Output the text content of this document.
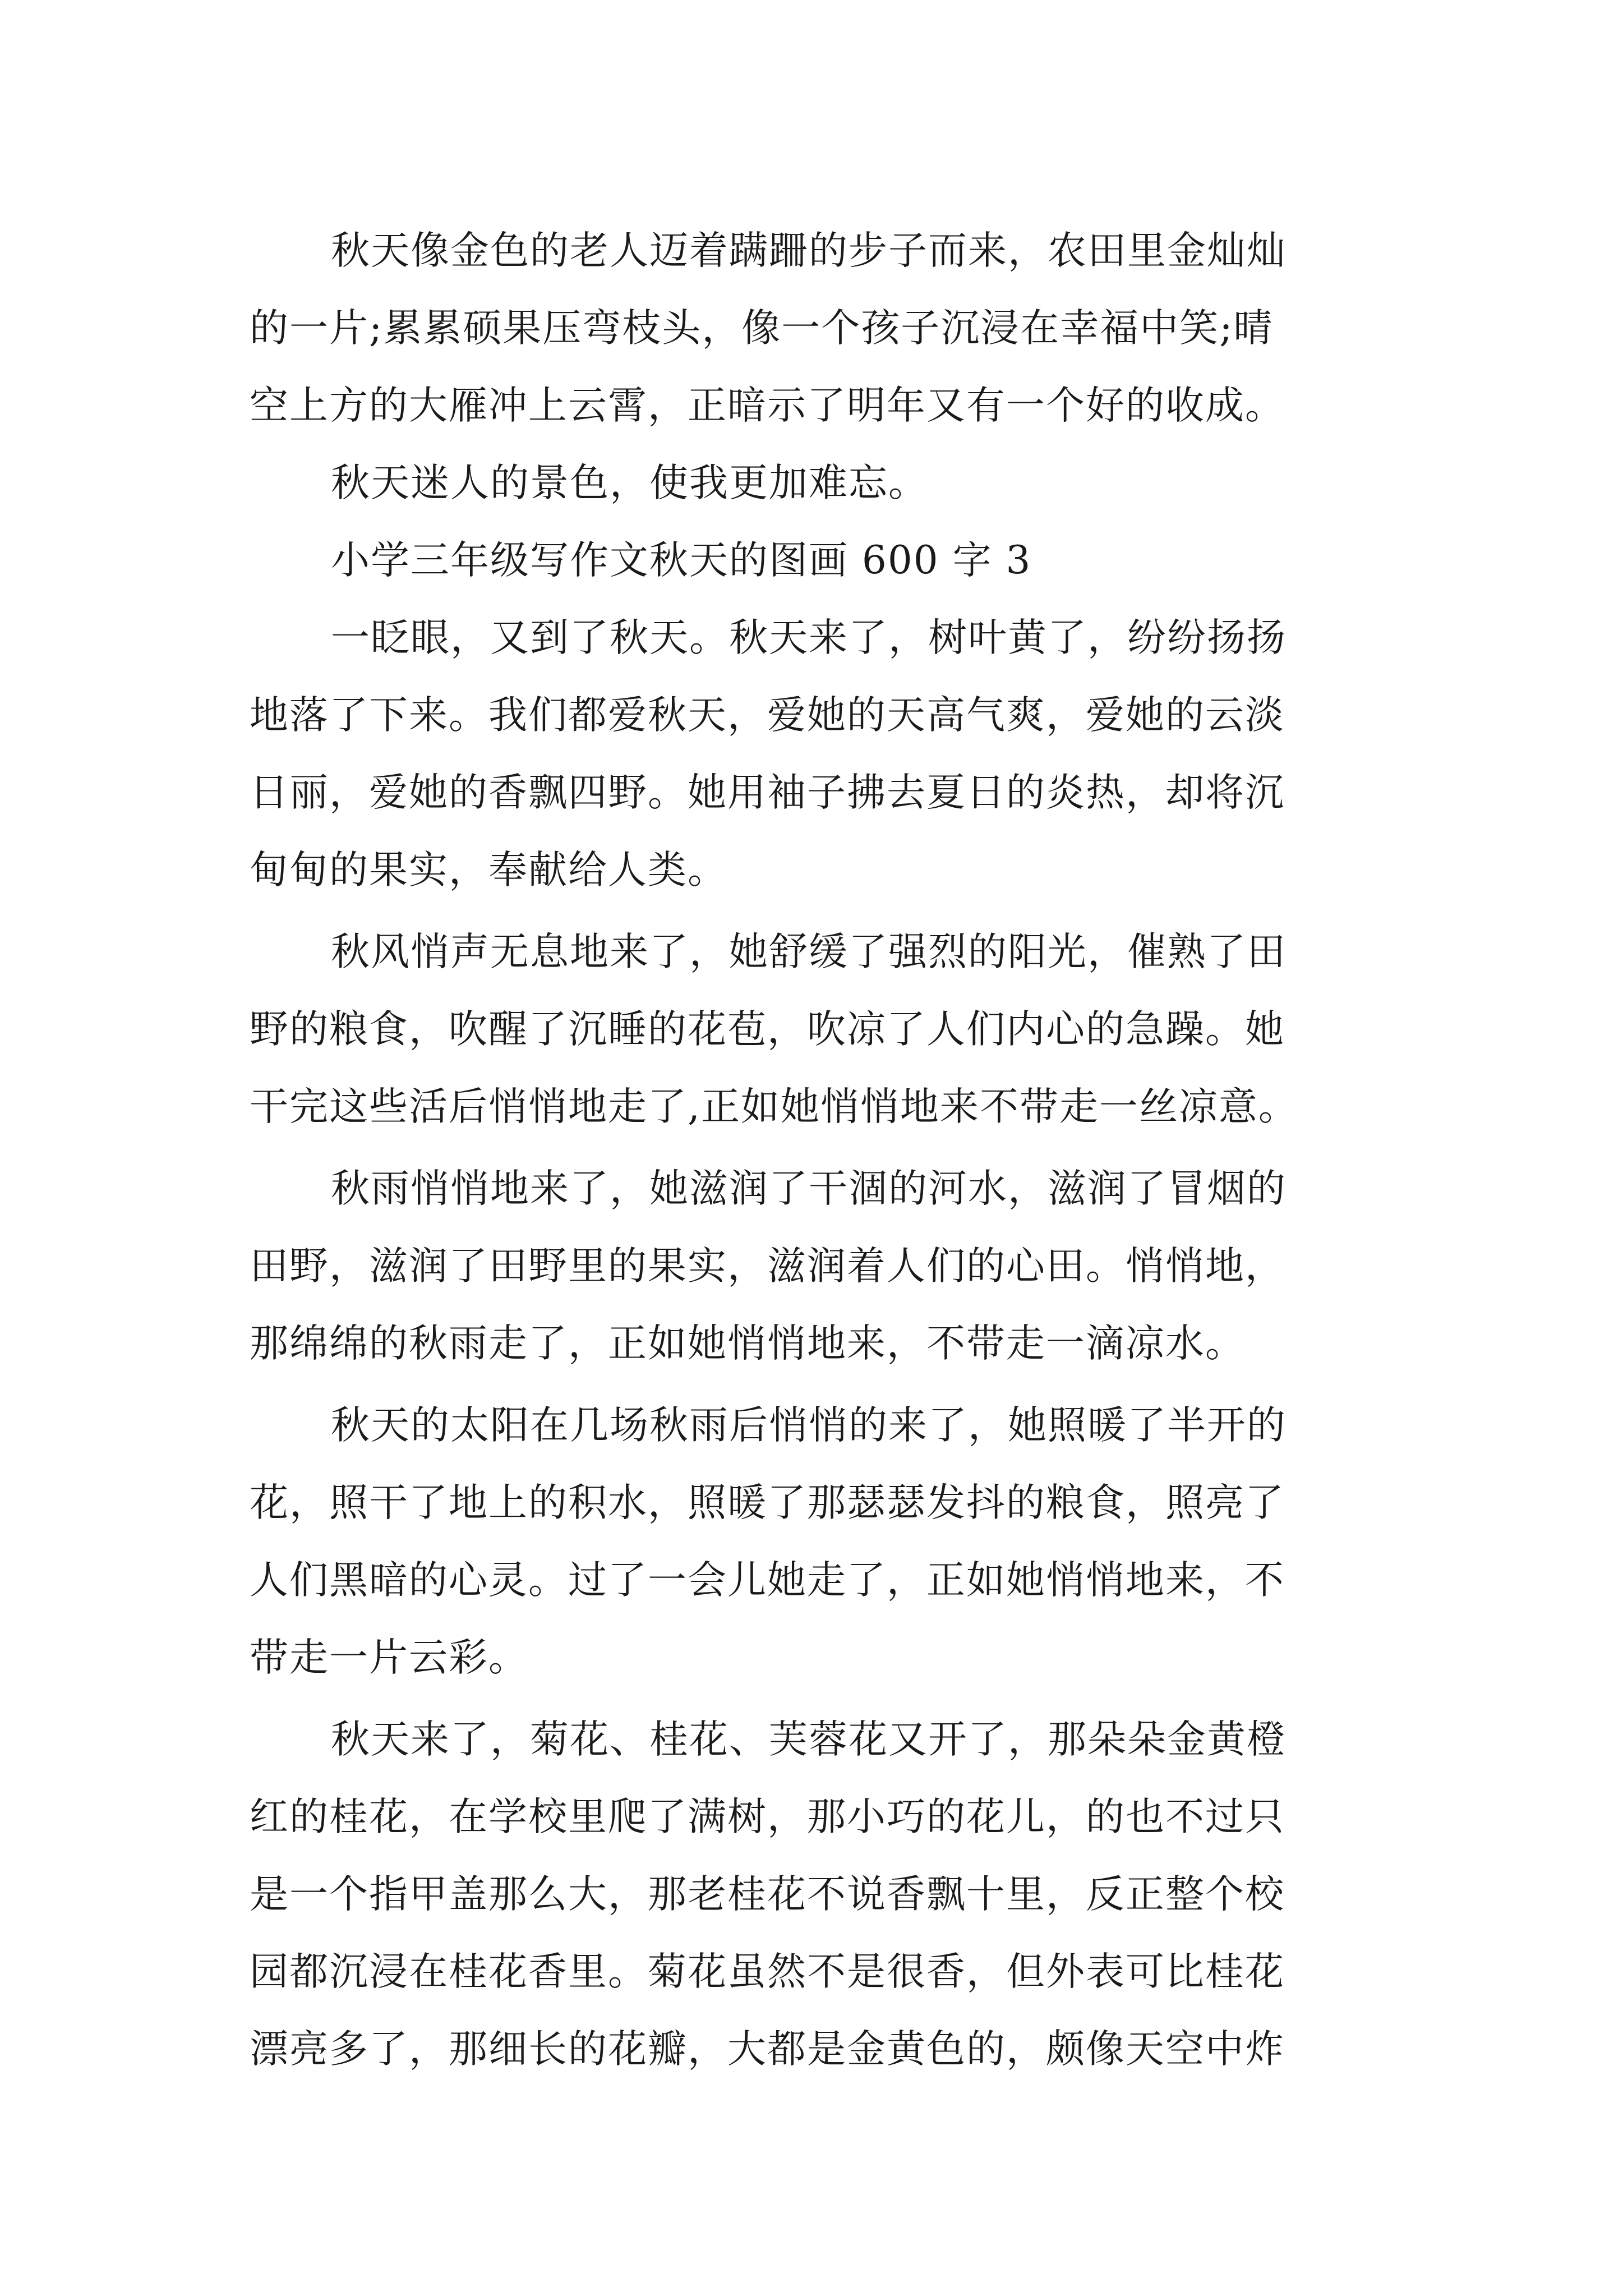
秋天像金色的老人迈着蹒跚的步子而来，农田里金灿灿
的一片;累累硕果压弯枝头，像一个孩子沉浸在幸福中笑;晴
空上方的大雁冲上云霄，正暗示了明年又有一个好的收成。
秋天迷人的景色，使我更加难忘。
小学三年级写作文秋天的图画 600 字 3
一眨眼，又到了秋天。秋天来了，树叶黄了，纷纷扬扬
地落了下来。我们都爱秋天，爱她的天高气爽，爱她的云淡
日丽，爱她的香飘四野。她用袖子拂去夏日的炎热，却将沉
甸甸的果实，奉献给人类。
秋风悄声无息地来了，她舒缓了强烈的阳光，催熟了田
野的粮食，吹醒了沉睡的花苞，吹凉了人们内心的急躁。她
干完这些活后悄悄地走了,正如她悄悄地来不带走一丝凉意。
秋雨悄悄地来了，她滋润了干涸的河水，滋润了冒烟的
田野，滋润了田野里的果实，滋润着人们的心田。悄悄地，
那绵绵的秋雨走了，正如她悄悄地来，不带走一滴凉水。
秋天的太阳在几场秋雨后悄悄的来了，她照暖了半开的
花，照干了地上的积水，照暖了那瑟瑟发抖的粮食，照亮了
人们黑暗的心灵。过了一会儿她走了，正如她悄悄地来，不
带走一片云彩。
秋天来了，菊花、桂花、芙蓉花又开了，那朵朵金黄橙
红的桂花，在学校里爬了满树，那小巧的花儿，的也不过只
是一个指甲盖那么大，那老桂花不说香飘十里，反正整个校
园都沉浸在桂花香里。菊花虽然不是很香，但外表可比桂花
漂亮多了，那细长的花瓣，大都是金黄色的，颇像天空中炸
